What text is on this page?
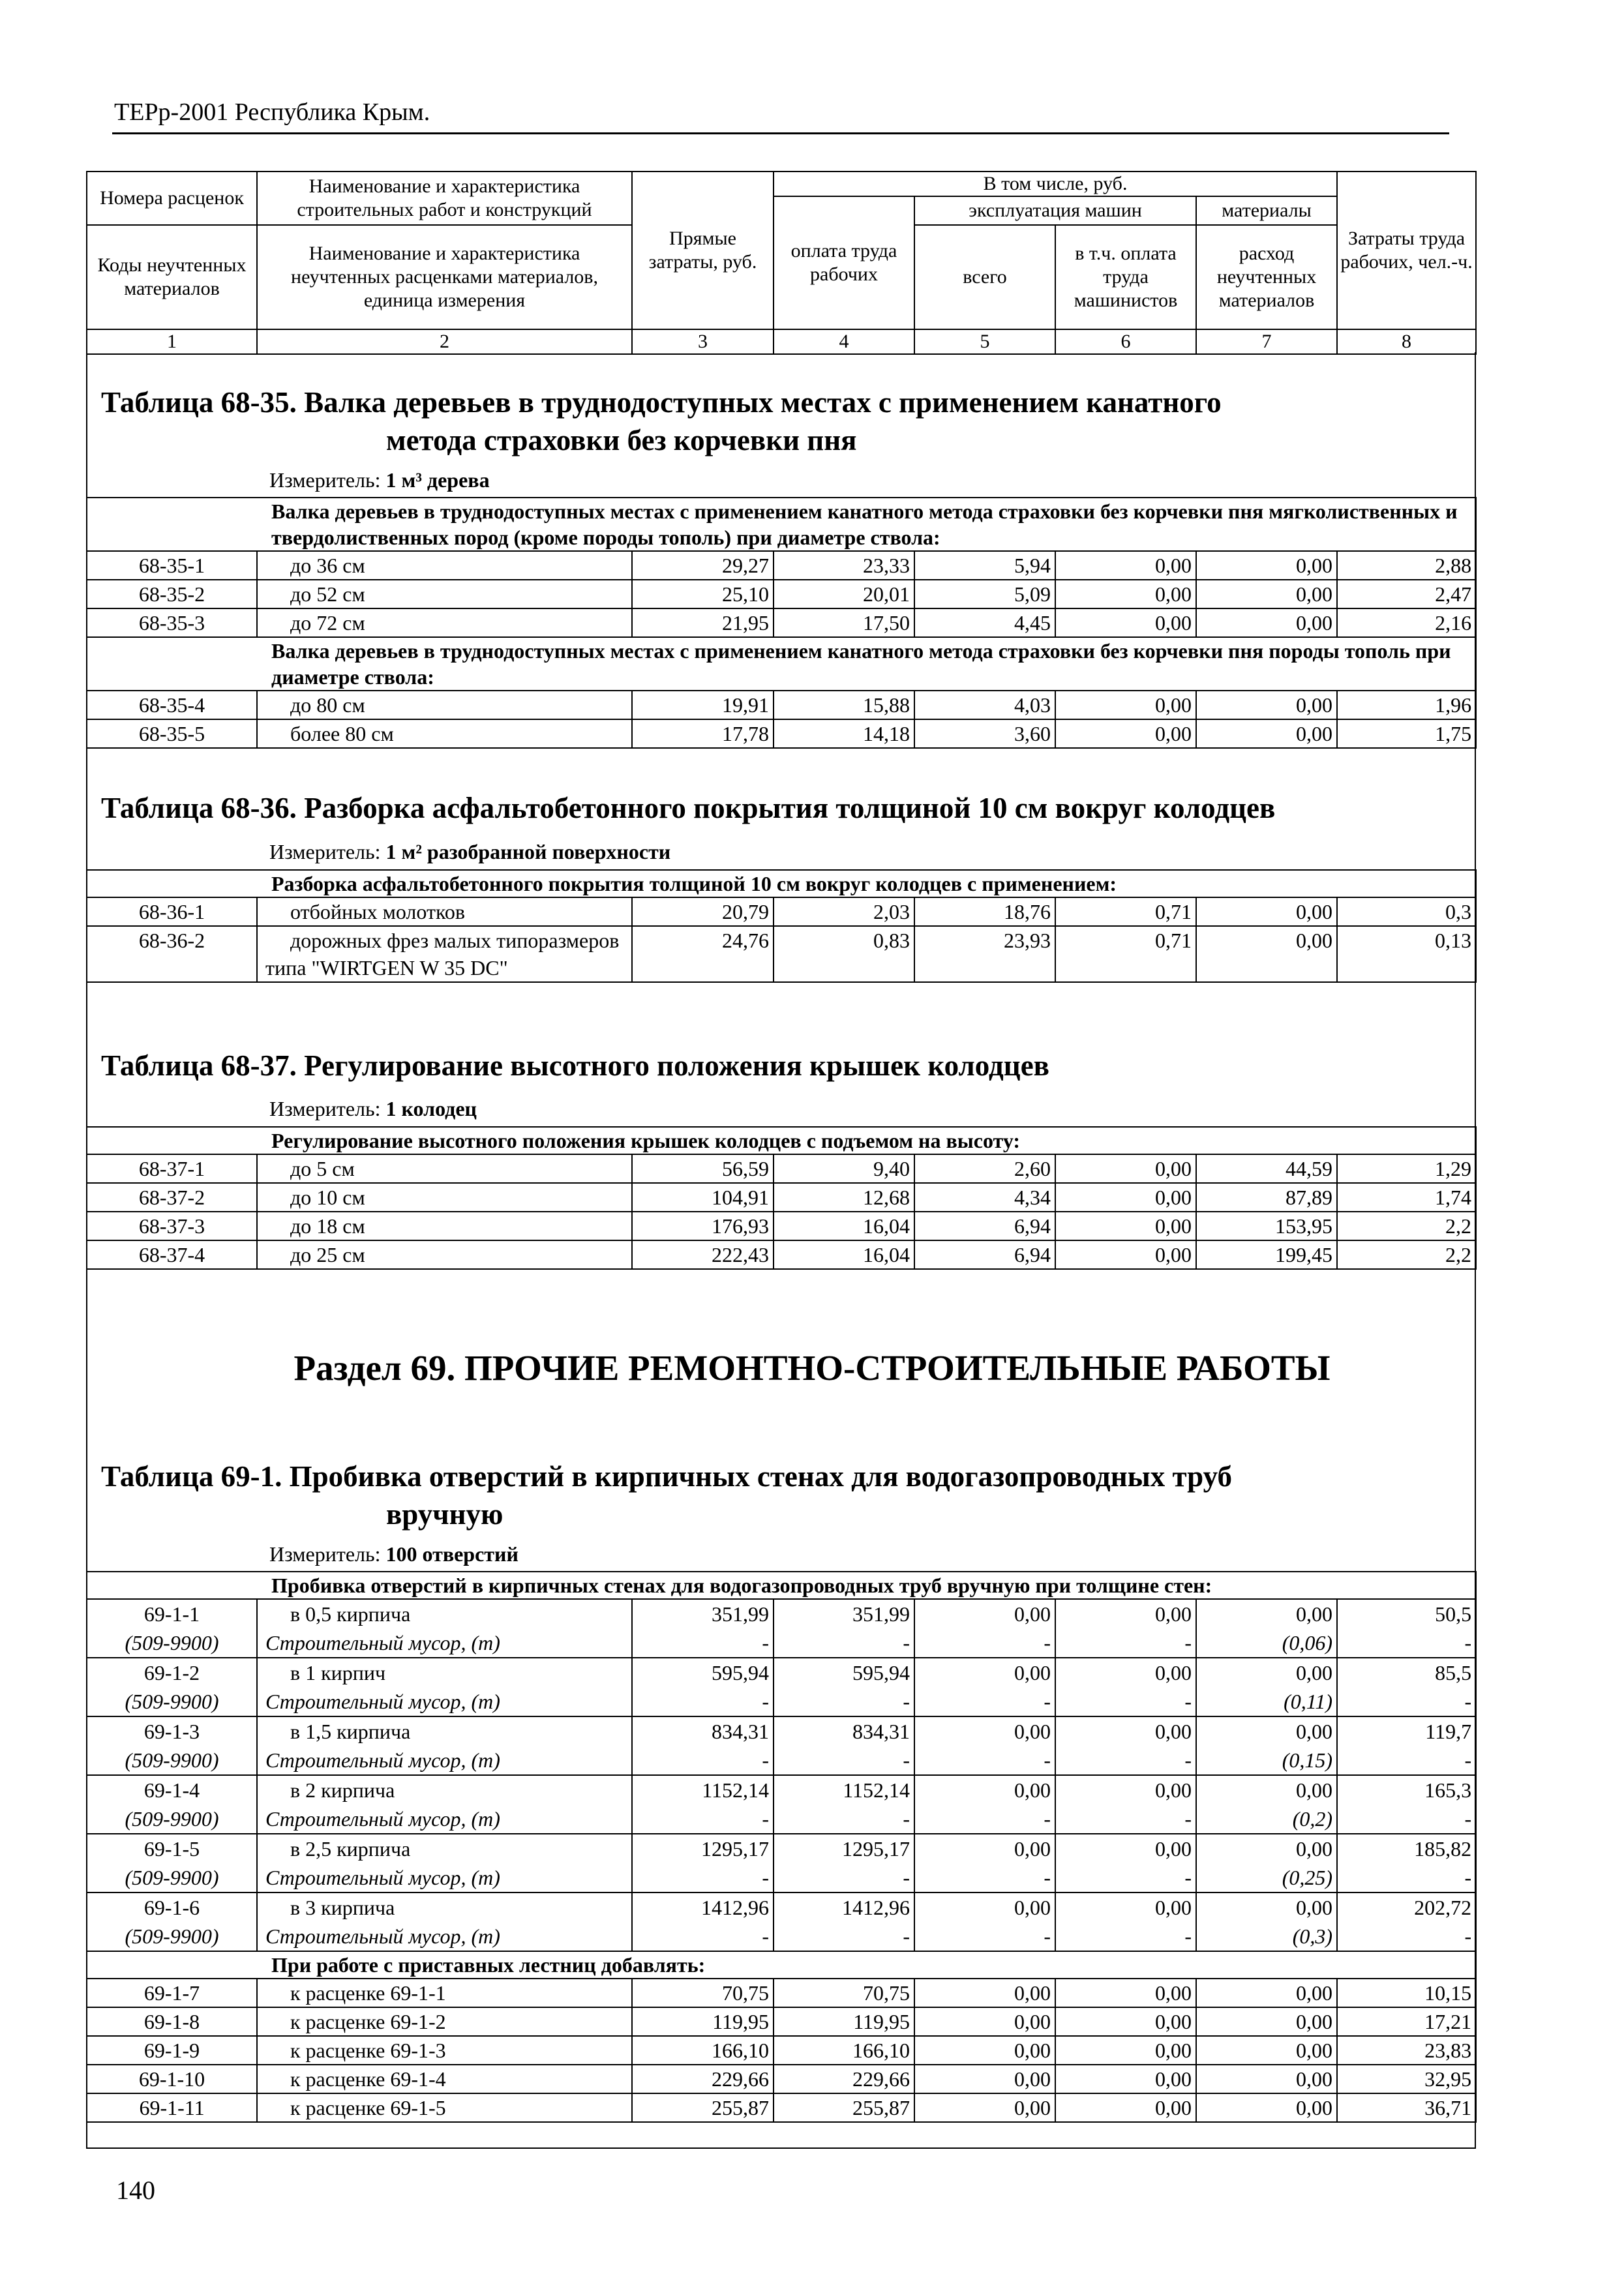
ТЕРр-2001 Республика Крым.
Номера расценок	Наименование и характеристика строительных работ и конструкций	Прямые затраты, руб.	В том числе, руб.				Затраты труда рабочих, чел.-ч.
			оплата труда рабочих	эксплуатация машин		материалы	
Коды неучтенных материалов	Наименование и характеристика неучтенных расценками материалов, единица измерения			всего	в т.ч. оплата труда машинистов	расход неучтенных материалов	

1	2	3	4	5	6	7	8
Таблица 68-35. Валка деревьев в труднодоступных местах с применением канатного
метода страховки без корчевки пня
Измеритель: 1 м³ дерева
Валка деревьев в труднодоступных местах с применением канатного метода страховки без корчевки пня мягколиственных и твердолиственных пород (кроме породы тополь) при диаметре ствола:							
68-35-1	до 36 см	29,27	23,33	5,94	0,00	0,00	2,88
68-35-2	до 52 см	25,10	20,01	5,09	0,00	0,00	2,47
68-35-3	до 72 см	21,95	17,50	4,45	0,00	0,00	2,16
Валка деревьев в труднодоступных местах с применением канатного метода страховки без корчевки пня породы тополь при диаметре ствола:							
68-35-4	до 80 см	19,91	15,88	4,03	0,00	0,00	1,96
68-35-5	более 80 см	17,78	14,18	3,60	0,00	0,00	1,75
Таблица 68-36. Разборка асфальтобетонного покрытия толщиной 10 см вокруг колодцев
Измеритель: 1 м² разобранной поверхности
Разборка асфальтобетонного покрытия толщиной 10 см вокруг колодцев с применением:							
68-36-1	отбойных молотков	20,79	2,03	18,76	0,71	0,00	0,3
68-36-2	дорожных фрез малых типоразмеров типа "WIRTGEN W 35 DC"	24,76	0,83	23,93	0,71	0,00	0,13
Таблица 68-37. Регулирование высотного положения крышек колодцев
Измеритель: 1 колодец
Регулирование высотного положения крышек колодцев с подъемом на высоту:							
68-37-1	до 5 см	56,59	9,40	2,60	0,00	44,59	1,29
68-37-2	до 10 см	104,91	12,68	4,34	0,00	87,89	1,74
68-37-3	до 18 см	176,93	16,04	6,94	0,00	153,95	2,2
68-37-4	до 25 см	222,43	16,04	6,94	0,00	199,45	2,2
Раздел 69. ПРОЧИЕ РЕМОНТНО-СТРОИТЕЛЬНЫЕ РАБОТЫ
Таблица 69-1. Пробивка отверстий в кирпичных стенах для водогазопроводных труб
вручную
Измеритель: 100 отверстий
Пробивка отверстий в кирпичных стенах для водогазопроводных труб вручную при толщине стен:							
69-1-1	в 0,5 кирпича	351,99	351,99	0,00	0,00	0,00	50,5
(509-9900)	Строительный мусор, (т)	-	-	-	-	(0,06)	-
69-1-2	в 1 кирпич	595,94	595,94	0,00	0,00	0,00	85,5
(509-9900)	Строительный мусор, (т)	-	-	-	-	(0,11)	-
69-1-3	в 1,5 кирпича	834,31	834,31	0,00	0,00	0,00	119,7
(509-9900)	Строительный мусор, (т)	-	-	-	-	(0,15)	-
69-1-4	в 2 кирпича	1152,14	1152,14	0,00	0,00	0,00	165,3
(509-9900)	Строительный мусор, (т)	-	-	-	-	(0,2)	-
69-1-5	в 2,5 кирпича	1295,17	1295,17	0,00	0,00	0,00	185,82
(509-9900)	Строительный мусор, (т)	-	-	-	-	(0,25)	-
69-1-6	в 3 кирпича	1412,96	1412,96	0,00	0,00	0,00	202,72
(509-9900)	Строительный мусор, (т)	-	-	-	-	(0,3)	-
При работе с приставных лестниц добавлять:							
69-1-7	к расценке 69-1-1	70,75	70,75	0,00	0,00	0,00	10,15
69-1-8	к расценке 69-1-2	119,95	119,95	0,00	0,00	0,00	17,21
69-1-9	к расценке 69-1-3	166,10	166,10	0,00	0,00	0,00	23,83
69-1-10	к расценке 69-1-4	229,66	229,66	0,00	0,00	0,00	32,95
69-1-11	к расценке 69-1-5	255,87	255,87	0,00	0,00	0,00	36,71
140
